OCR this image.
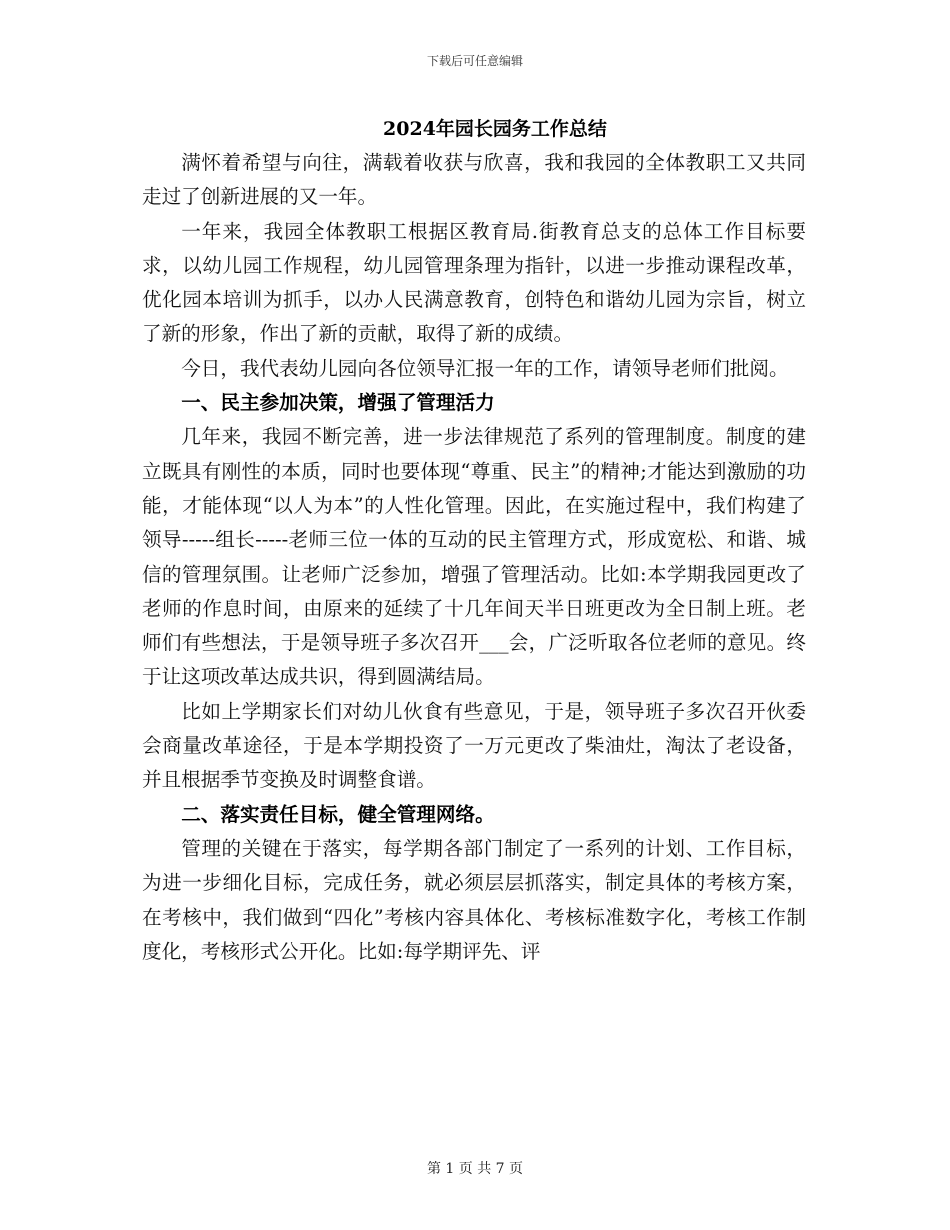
下载后可任意编辑
2024年园长园务工作总结

满怀着希望与向往，满载着收获与欣喜，我和我园的全体教职工又共同走过了创新进展的又一年。

一年来，我园全体教职工根据区教育局.街教育总支的总体工作目标要求，以幼儿园工作规程，幼儿园管理条理为指针，以进一步推动课程改革，优化园本培训为抓手，以办人民满意教育，创特色和谐幼儿园为宗旨，树立了新的形象，作出了新的贡献，取得了新的成绩。

今日，我代表幼儿园向各位领导汇报一年的工作，请领导老师们批阅。

一、民主参加决策，增强了管理活力

几年来，我园不断完善，进一步法律规范了系列的管理制度。制度的建立既具有刚性的本质，同时也要体现“尊重、民主”的精神;才能达到激励的功能，才能体现“以人为本”的人性化管理。因此，在实施过程中，我们构建了领导-----组长-----老师三位一体的互动的民主管理方式，形成宽松、和谐、城信的管理氛围。让老师广泛参加，增强了管理活动。比如:本学期我园更改了老师的作息时间，由原来的延续了十几年间天半日班更改为全日制上班。老师们有些想法，于是领导班子多次召开___会，广泛听取各位老师的意见。终于让这项改革达成共识，得到圆满结局。

比如上学期家长们对幼儿伙食有些意见，于是，领导班子多次召开伙委会商量改革途径，于是本学期投资了一万元更改了柴油灶，淘汰了老设备，并且根据季节变换及时调整食谱。

二、落实责任目标，健全管理网络。

管理的关键在于落实，每学期各部门制定了一系列的计划、工作目标，为进一步细化目标，完成任务，就必须层层抓落实，制定具体的考核方案，在考核中，我们做到“四化”考核内容具体化、考核标准数字化，考核工作制度化，考核形式公开化。比如:每学期评先、评

第 1 页 共 7 页
